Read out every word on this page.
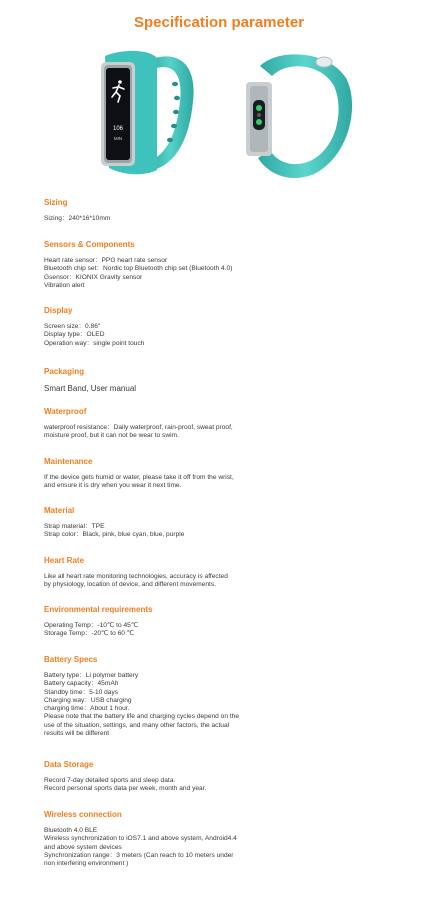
Specification parameter
106
MIN
Sizing
Sizing：240*16*10mm
Sensors & Components
Heart rate sensor：PPG heart rate sensor
Bluetooth chip set：Nordic top Bluetooth chip set (Bluetooth 4.0)
Gsensor：KIONIX Gravity sensor
Vibration alert
Display
Screen size：0.86"
Display type：OLED
Operation way：single point touch
Packaging
Smart Band, User manual
Waterproof
waterproof resistance：Daily waterproof, rain-proof, sweat proof,
moisture proof, but it can not be wear to swim.
Maintenance
If the device gets humid or water, please take it off from the wrist,
and ensure it is dry when you wear it next time.
Material
Strap material：TPE
Strap color：Black, pink, blue cyan, blue, purple
Heart Rate
Like all heart rate monitoring technologies, accuracy is affected
by physiology, location of device, and different movements.
Environmental requirements
Operating Temp：-10℃ to 45℃
Storage Temp：-20℃ to 60 ℃
Battery Specs
Battery type：Li polymer battery
Battery capacity：45mAh
Standby time：5-10 days
Charging way：USB charging
charging time：About 1 hour.
Please note that the battery life and charging cycles depend on the
use of the situation, settings, and many other factors, the actual
results will be different
Data Storage
Record 7-day detailed sports and sleep data.
Record personal sports data per week, month and year.
Wireless connection
Bluetooth 4.0 BLE
Wireless synchronization to iOS7.1 and above system, Android4.4
and above system devices
Synchronization range：3 meters (Can reach to 10 meters under
non interfering environment )
